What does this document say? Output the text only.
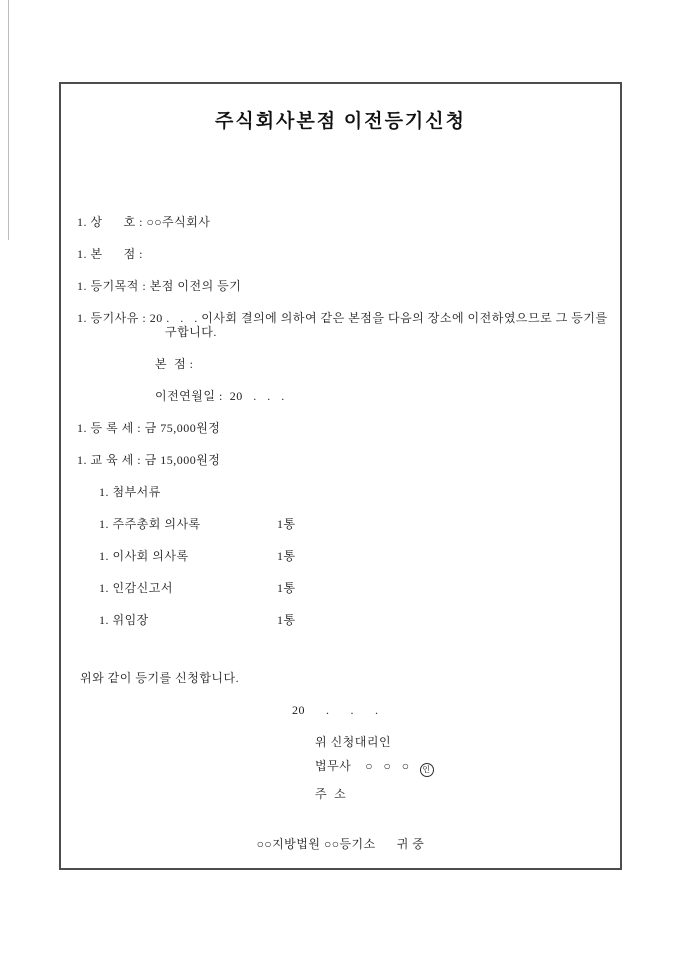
주식회사본점 이전등기신청
1. 상      호 : ○○주식회사
1. 본      점 :
1. 등기목적 : 본점 이전의 등기
1. 등기사유 : 20 .   .   . 이사회 결의에 의하여 같은 본점을 다음의 장소에 이전하였으므로 그 등기를 구합니다.
본  점 :
이전연월일 :  20   .   .   .
1. 등 록 세 : 금 75,000원정
1. 교 육 세 : 금 15,000원정
1. 첨부서류
1. 주주총회 의사록	1통
1. 이사회 의사록	1통
1. 인감신고서	1통
1. 위임장	1통
위와 같이 등기를 신청합니다.
20      .      .      .
위 신청대리인
법무사    ○   ○   ○ 인
주  소
○○지방법원 ○○등기소      귀 중
